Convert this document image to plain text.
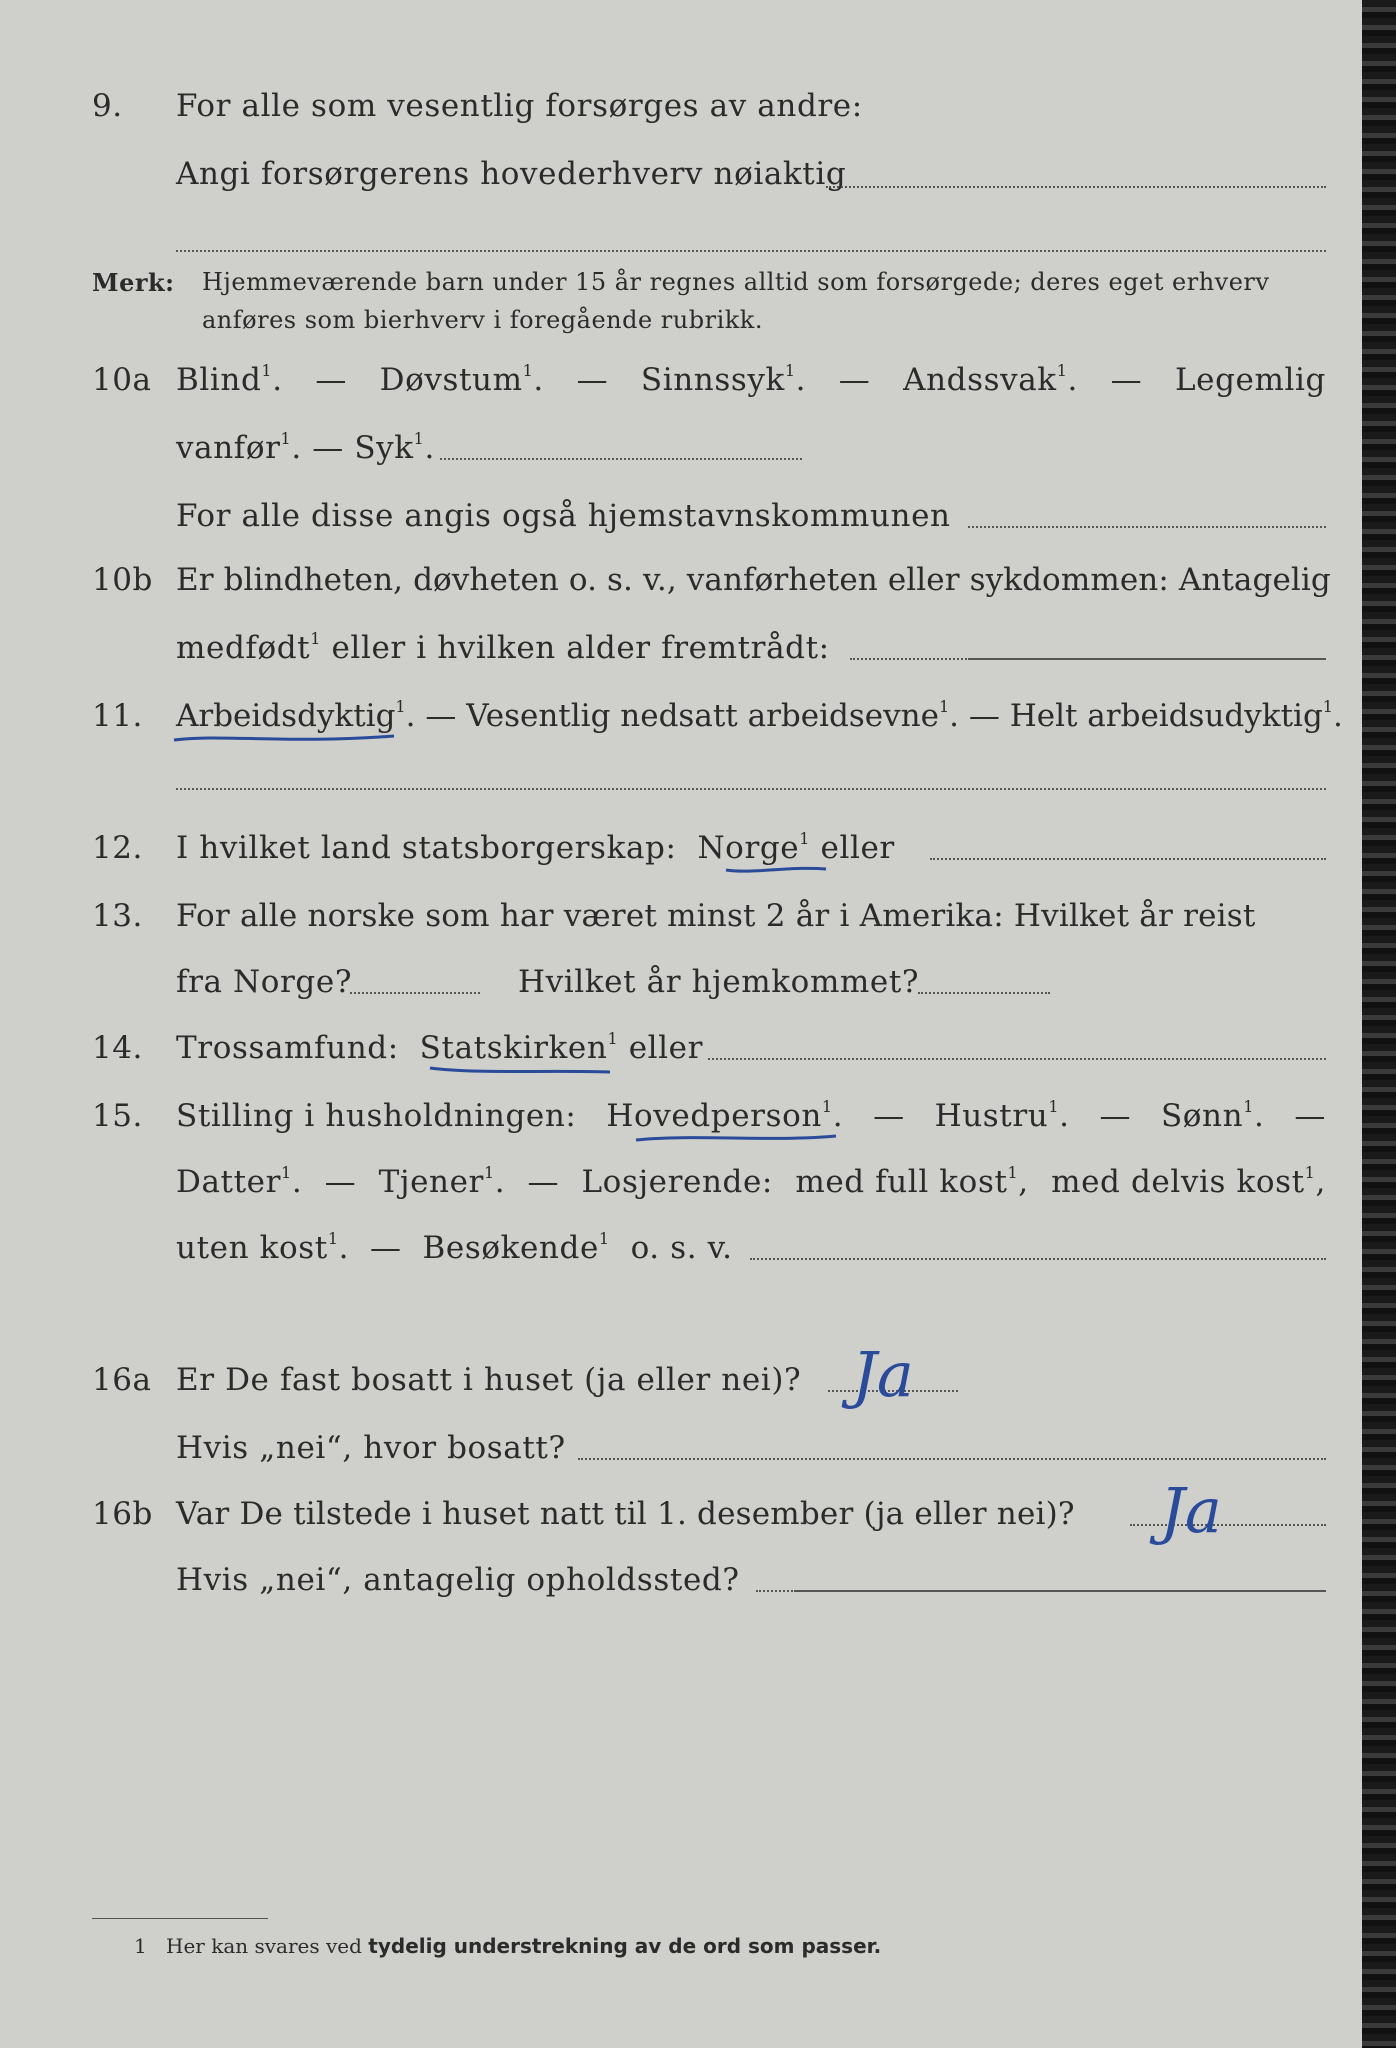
9. For alle som vesentlig forsørges av andre:
Angi forsørgerens hovederhverv nøiaktig
Merk: Hjemmeværende barn under 15 år regnes alltid som forsørgede; deres eget erhverv
anføres som bierhverv i foregående rubrikk.
10a Blind$^1$. — Døvstum$^1$. — Sinnssyk$^1$. — Andssvak$^1$. — Legemlig
vanfør$^1$. — Syk$^1$.
For alle disse angis også hjemstavnskommunen
10b Er blindheten, døvheten o. s. v., vanførheten eller sykdommen: Antagelig
medfødt$^1$ eller i hvilken alder fremtrådt:
11. Arbeidsdyktig$^1$. — Vesentlig nedsatt arbeidsevne$^1$. — Helt arbeidsudyktig$^1$.
12. I hvilket land statsborgerskap: Norge$^1$ eller
13. For alle norske som har været minst 2 år i Amerika: Hvilket år reist
fra Norge?	Hvilket år hjemkommet?
14. Trossamfund: Statskirken$^1$ eller
15. Stilling i husholdningen: Hovedperson$^1$. — Hustru$^1$. — Sønn$^1$. —
Datter$^1$. — Tjener$^1$. — Losjerende: med full kost$^1$, med delvis kost$^1$,
uten kost$^1$.  — Besøkende$^1$ o. s. v.
16a Er De fast bosatt i huset (ja eller nei)? Ja
Hvis „nei“, hvor bosatt?
16b Var De tilstede i huset natt til 1. desember (ja eller nei)? Ja
Hvis „nei“, antagelig opholdssted?
1 Her kan svares ved tydelig understrekning av de ord som passer.
